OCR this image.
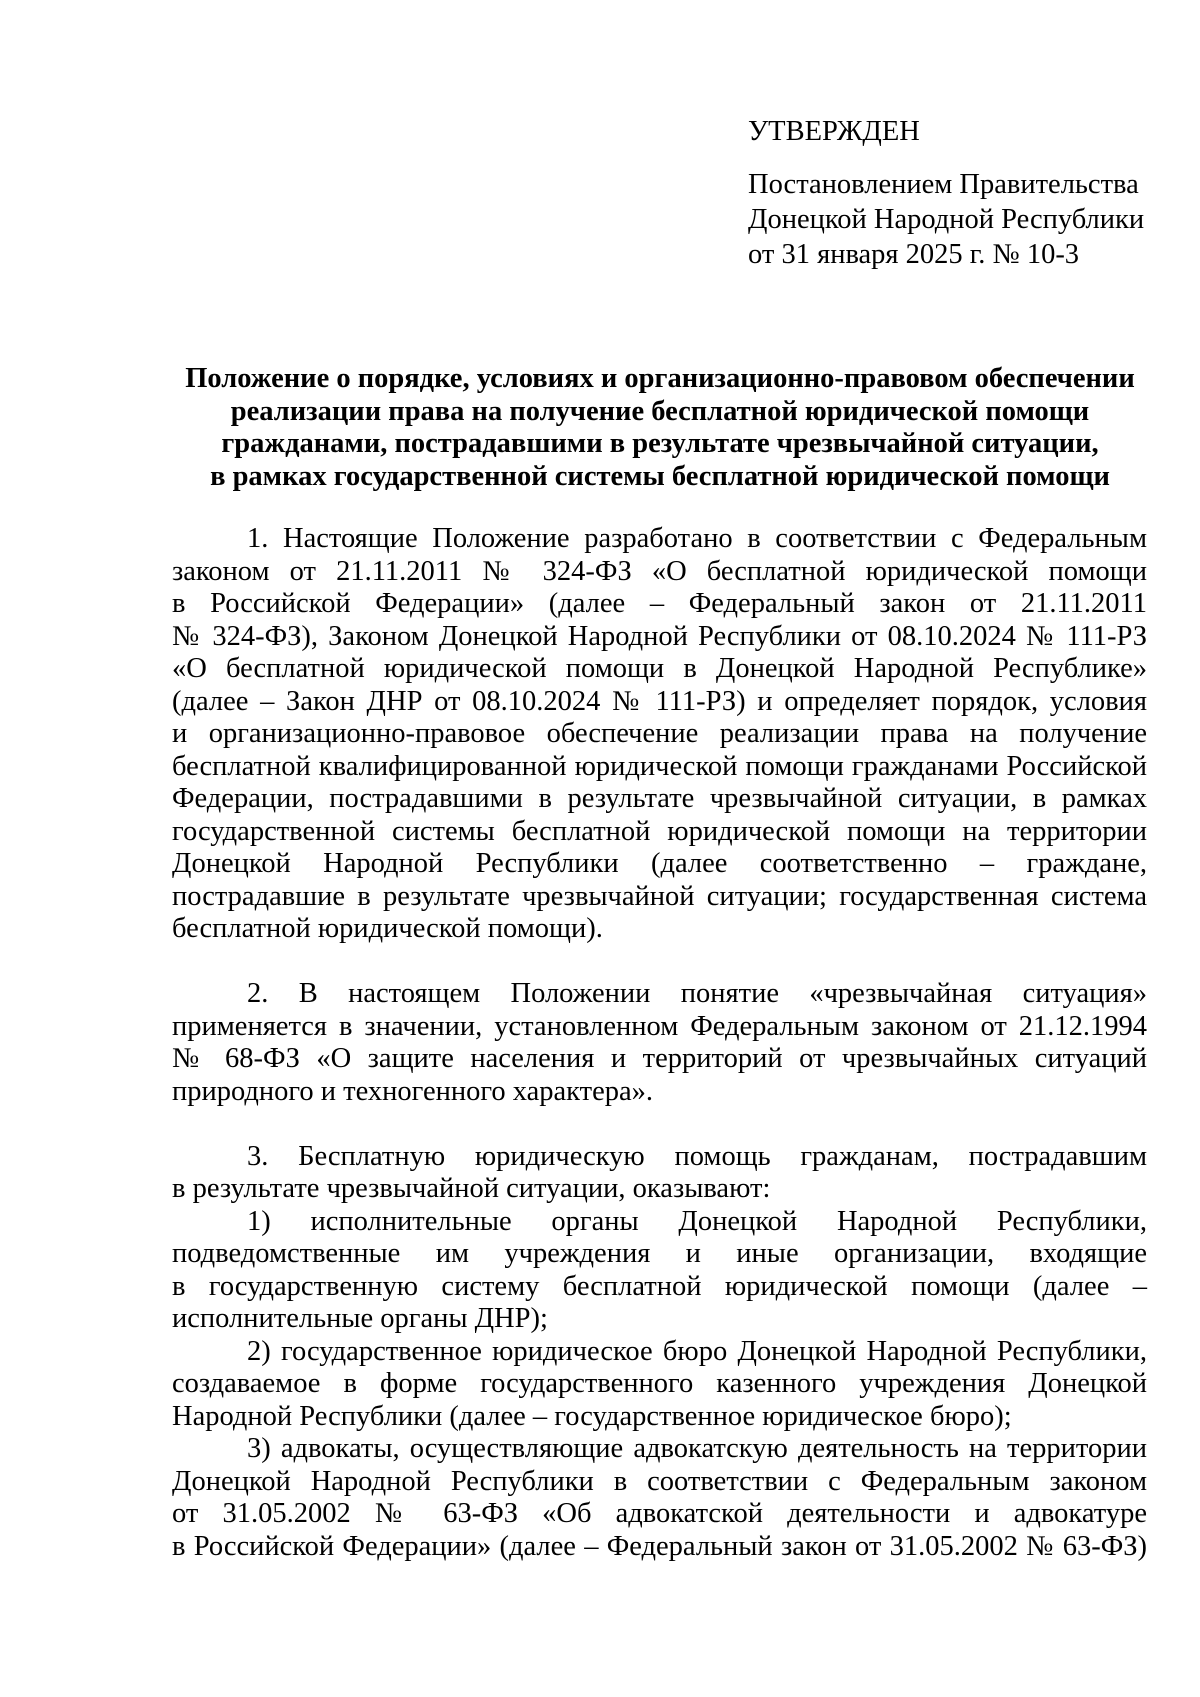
УТВЕРЖДЕН
Постановлением Правительства
Донецкой Народной Республики
от 31 января 2025 г. № 10-3
Положение о порядке, условиях и организационно-правовом обеспечении
реализации права на получение бесплатной юридической помощи
гражданами, пострадавшими в результате чрезвычайной ситуации,
в рамках государственной системы бесплатной юридической помощи
1. Настоящие Положение разработано в соответствии с Федеральным
законом от 21.11.2011 № 324-ФЗ «О бесплатной юридической помощи
в Российской Федерации» (далее – Федеральный закон от 21.11.2011
№ 324-ФЗ), Законом Донецкой Народной Республики от 08.10.2024 № 111-РЗ
«О бесплатной юридической помощи в Донецкой Народной Республике»
(далее – Закон ДНР от 08.10.2024 № 111-РЗ) и определяет порядок, условия
и организационно-правовое обеспечение реализации права на получение
бесплатной квалифицированной юридической помощи гражданами Российской
Федерации, пострадавшими в результате чрезвычайной ситуации, в рамках
государственной системы бесплатной юридической помощи на территории
Донецкой Народной Республики (далее соответственно – граждане,
пострадавшие в результате чрезвычайной ситуации; государственная система
бесплатной юридической помощи).
2. В настоящем Положении понятие «чрезвычайная ситуация»
применяется в значении, установленном Федеральным законом от 21.12.1994
№ 68-ФЗ «О защите населения и территорий от чрезвычайных ситуаций
природного и техногенного характера».
3. Бесплатную юридическую помощь гражданам, пострадавшим
в результате чрезвычайной ситуации, оказывают:
1) исполнительные органы Донецкой Народной Республики,
подведомственные им учреждения и иные организации, входящие
в государственную систему бесплатной юридической помощи (далее –
исполнительные органы ДНР);
2) государственное юридическое бюро Донецкой Народной Республики,
создаваемое в форме государственного казенного учреждения Донецкой
Народной Республики (далее – государственное юридическое бюро);
3) адвокаты, осуществляющие адвокатскую деятельность на территории
Донецкой Народной Республики в соответствии с Федеральным законом
от 31.05.2002 № 63-ФЗ «Об адвокатской деятельности и адвокатуре
в Российской Федерации» (далее – Федеральный закон от 31.05.2002 № 63-ФЗ)
